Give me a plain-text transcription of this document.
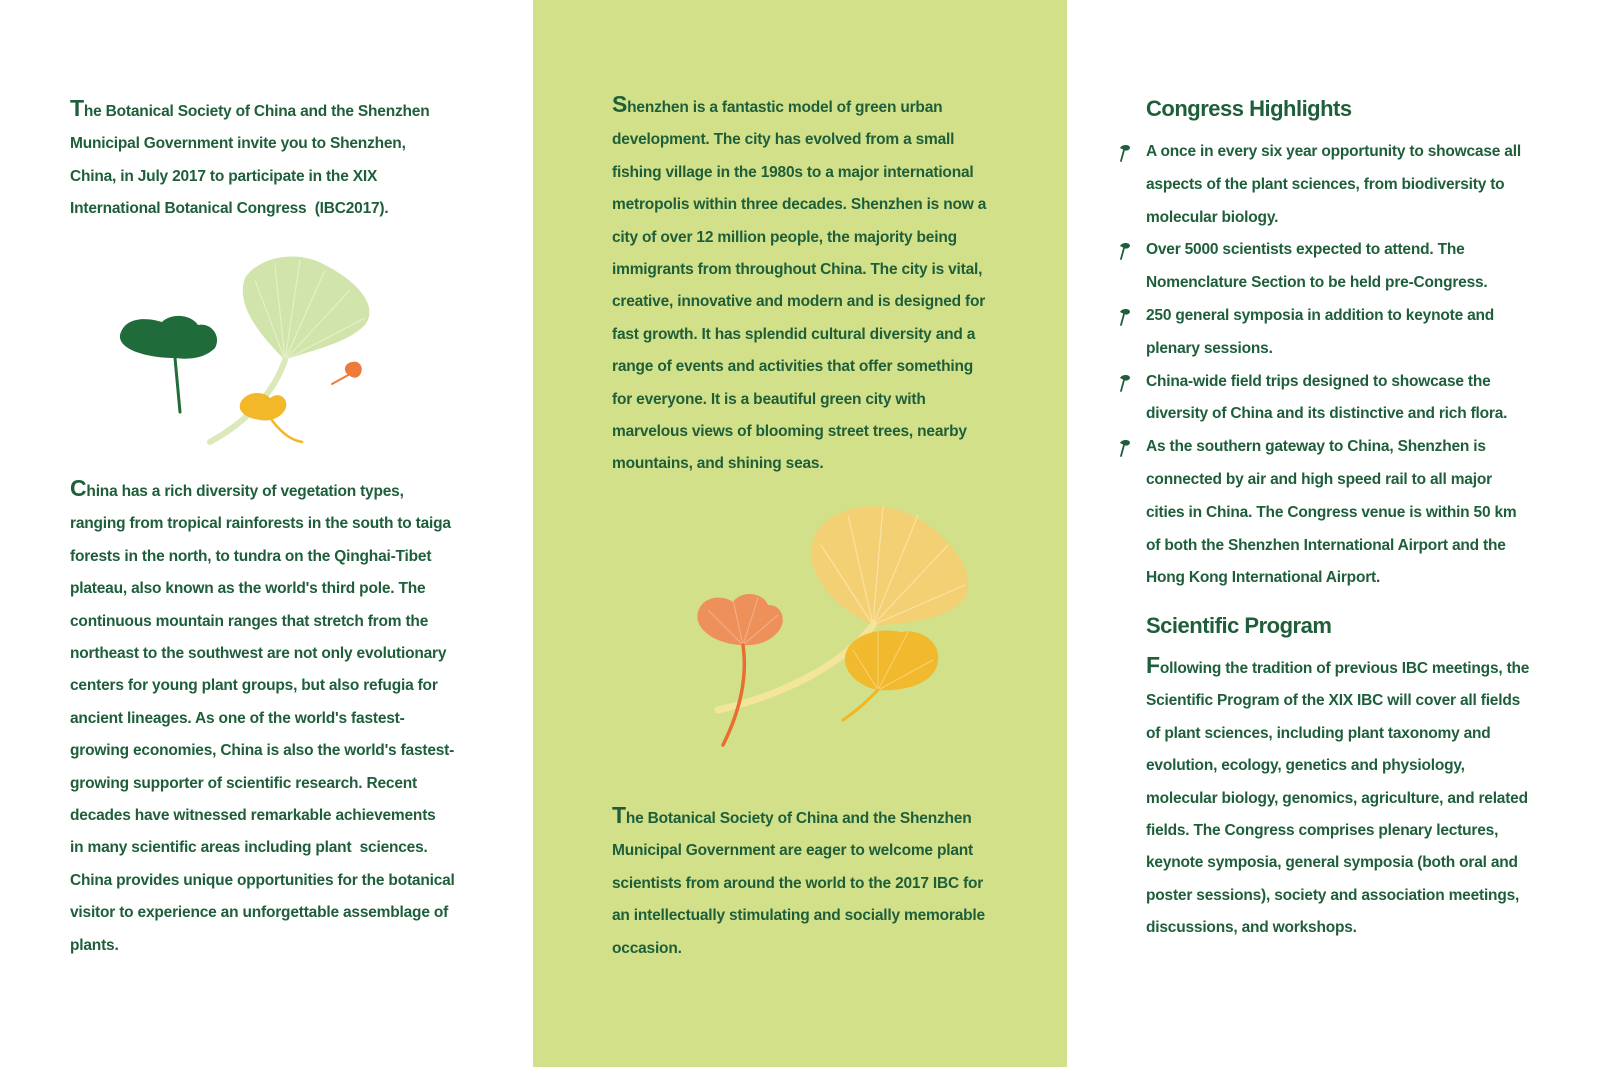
The Botanical Society of China and the Shenzhen
Municipal Government invite you to Shenzhen,
China, in July 2017 to participate in the XIX
International Botanical Congress  (IBC2017).

China has a rich diversity of vegetation types,
ranging from tropical rainforests in the south to taiga
forests in the north, to tundra on the Qinghai-Tibet
plateau, also known as the world's third pole. The
continuous mountain ranges that stretch from the
northeast to the southwest are not only evolutionary
centers for young plant groups, but also refugia for
ancient lineages. As one of the world's fastest-
growing economies, China is also the world's fastest-
growing supporter of scientific research. Recent
decades have witnessed remarkable achievements
in many scientific areas including plant  sciences.
China provides unique opportunities for the botanical
visitor to experience an unforgettable assemblage of
plants.

Shenzhen is a fantastic model of green urban
development. The city has evolved from a small
fishing village in the 1980s to a major international
metropolis within three decades. Shenzhen is now a
city of over 12 million people, the majority being
immigrants from throughout China. The city is vital,
creative, innovative and modern and is designed for
fast growth. It has splendid cultural diversity and a
range of events and activities that offer something
for everyone. It is a beautiful green city with
marvelous views of blooming street trees, nearby
mountains, and shining seas.

The Botanical Society of China and the Shenzhen
Municipal Government are eager to welcome plant
scientists from around the world to the 2017 IBC for
an intellectually stimulating and socially memorable
occasion.

Congress Highlights
A once in every six year opportunity to showcase all
aspects of the plant sciences, from biodiversity to
molecular biology.
Over 5000 scientists expected to attend. The
Nomenclature Section to be held pre-Congress.
250 general symposia in addition to keynote and
plenary sessions.
China-wide field trips designed to showcase the
diversity of China and its distinctive and rich flora.
As the southern gateway to China, Shenzhen is
connected by air and high speed rail to all major
cities in China. The Congress venue is within 50 km
of both the Shenzhen International Airport and the
Hong Kong International Airport.
Scientific Program

Following the tradition of previous IBC meetings, the
Scientific Program of the XIX IBC will cover all fields
of plant sciences, including plant taxonomy and
evolution, ecology, genetics and physiology,
molecular biology, genomics, agriculture, and related
fields. The Congress comprises plenary lectures,
keynote symposia, general symposia (both oral and
poster sessions), society and association meetings,
discussions, and workshops.
